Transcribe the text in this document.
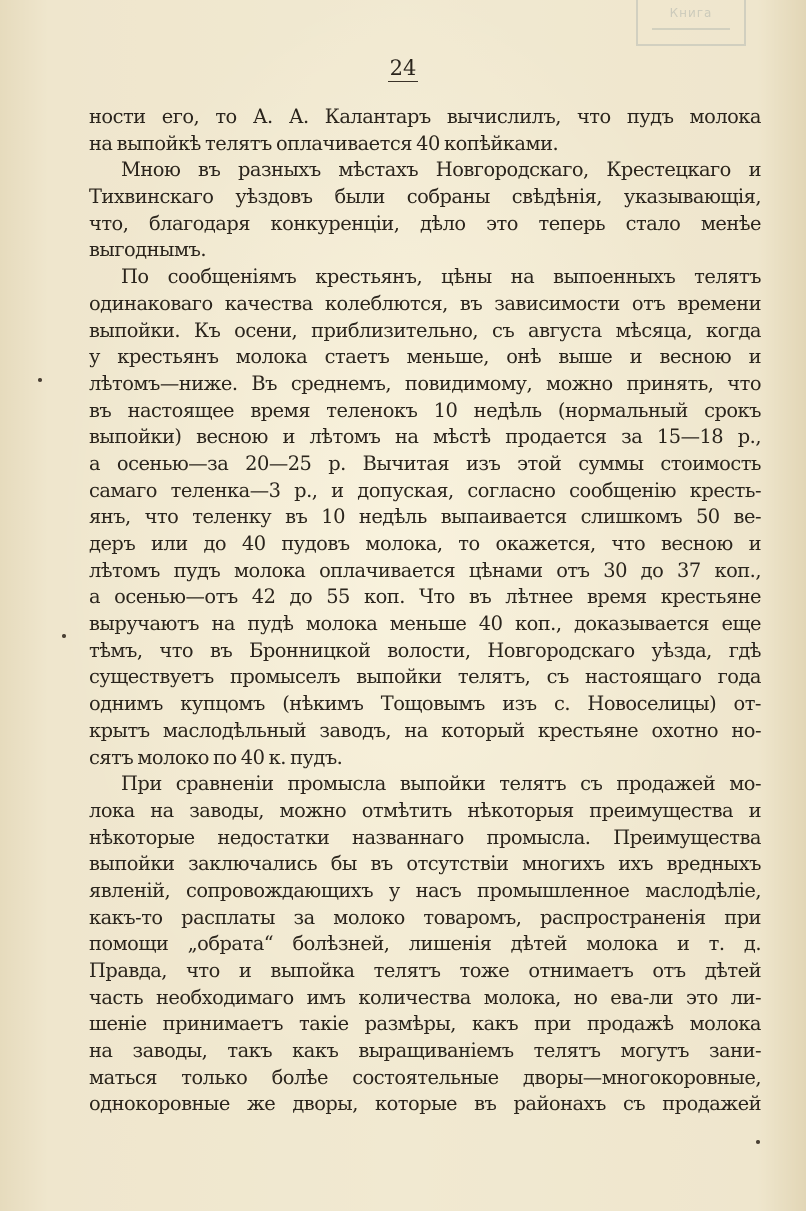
Книга
24
ности его, то А. А. Калантаръ вычислилъ, что пудъ молока
на выпойкѣ телятъ оплачивается 40 копѣйками.
Мною въ разныхъ мѣстахъ Новгородскаго, Крестецкаго и
Тихвинскаго уѣздовъ были собраны свѣдѣнія, указывающія,
что, благодаря конкуренціи, дѣло это теперь стало менѣе
выгоднымъ.
По сообщеніямъ крестьянъ, цѣны на выпоенныхъ телятъ
одинаковаго качества колеблются, въ зависимости отъ времени
выпойки. Къ осени, приблизительно, съ августа мѣсяца, когда
у крестьянъ молока стаетъ меньше, онѣ выше и весною и
лѣтомъ—ниже. Въ среднемъ, повидимому, можно принять, что
въ настоящее время теленокъ 10 недѣль (нормальный срокъ
выпойки) весною и лѣтомъ на мѣстѣ продается за 15—18 р.,
а осенью—за 20—25 р. Вычитая изъ этой суммы стоимость
самаго теленка—3 р., и допуская, согласно сообщенію кресть-
янъ, что теленку въ 10 недѣль выпаивается слишкомъ 50 ве-
деръ или до 40 пудовъ молока, то окажется, что весною и
лѣтомъ пудъ молока оплачивается цѣнами отъ 30 до 37 коп.,
а осенью—отъ 42 до 55 коп. Что въ лѣтнее время крестьяне
выручаютъ на пудѣ молока меньше 40 коп., доказывается еще
тѣмъ, что въ Бронницкой волости, Новгородскаго уѣзда, гдѣ
существуетъ промыселъ выпойки телятъ, съ настоящаго года
однимъ купцомъ (нѣкимъ Тощовымъ изъ с. Новоселицы) от-
крытъ маслодѣльный заводъ, на который крестьяне охотно но-
сятъ молоко по 40 к. пудъ.
При сравненіи промысла выпойки телятъ съ продажей мо-
лока на заводы, можно отмѣтить нѣкоторыя преимущества и
нѣкоторые недостатки названнаго промысла. Преимущества
выпойки заключались бы въ отсутствіи многихъ ихъ вредныхъ
явленій, сопровождающихъ у насъ промышленное маслодѣліе,
какъ-то расплаты за молоко товаромъ, распространенія при
помощи „обрата“ болѣзней, лишенія дѣтей молока и т. д.
Правда, что и выпойка телятъ тоже отнимаетъ отъ дѣтей
часть необходимаго имъ количества молока, но ева-ли это ли-
шеніе принимаетъ такіе размѣры, какъ при продажѣ молока
на заводы, такъ какъ выращиваніемъ телятъ могутъ зани-
маться только болѣе состоятельные дворы—многокоровные,
однокоровные же дворы, которые въ районахъ съ продажей
